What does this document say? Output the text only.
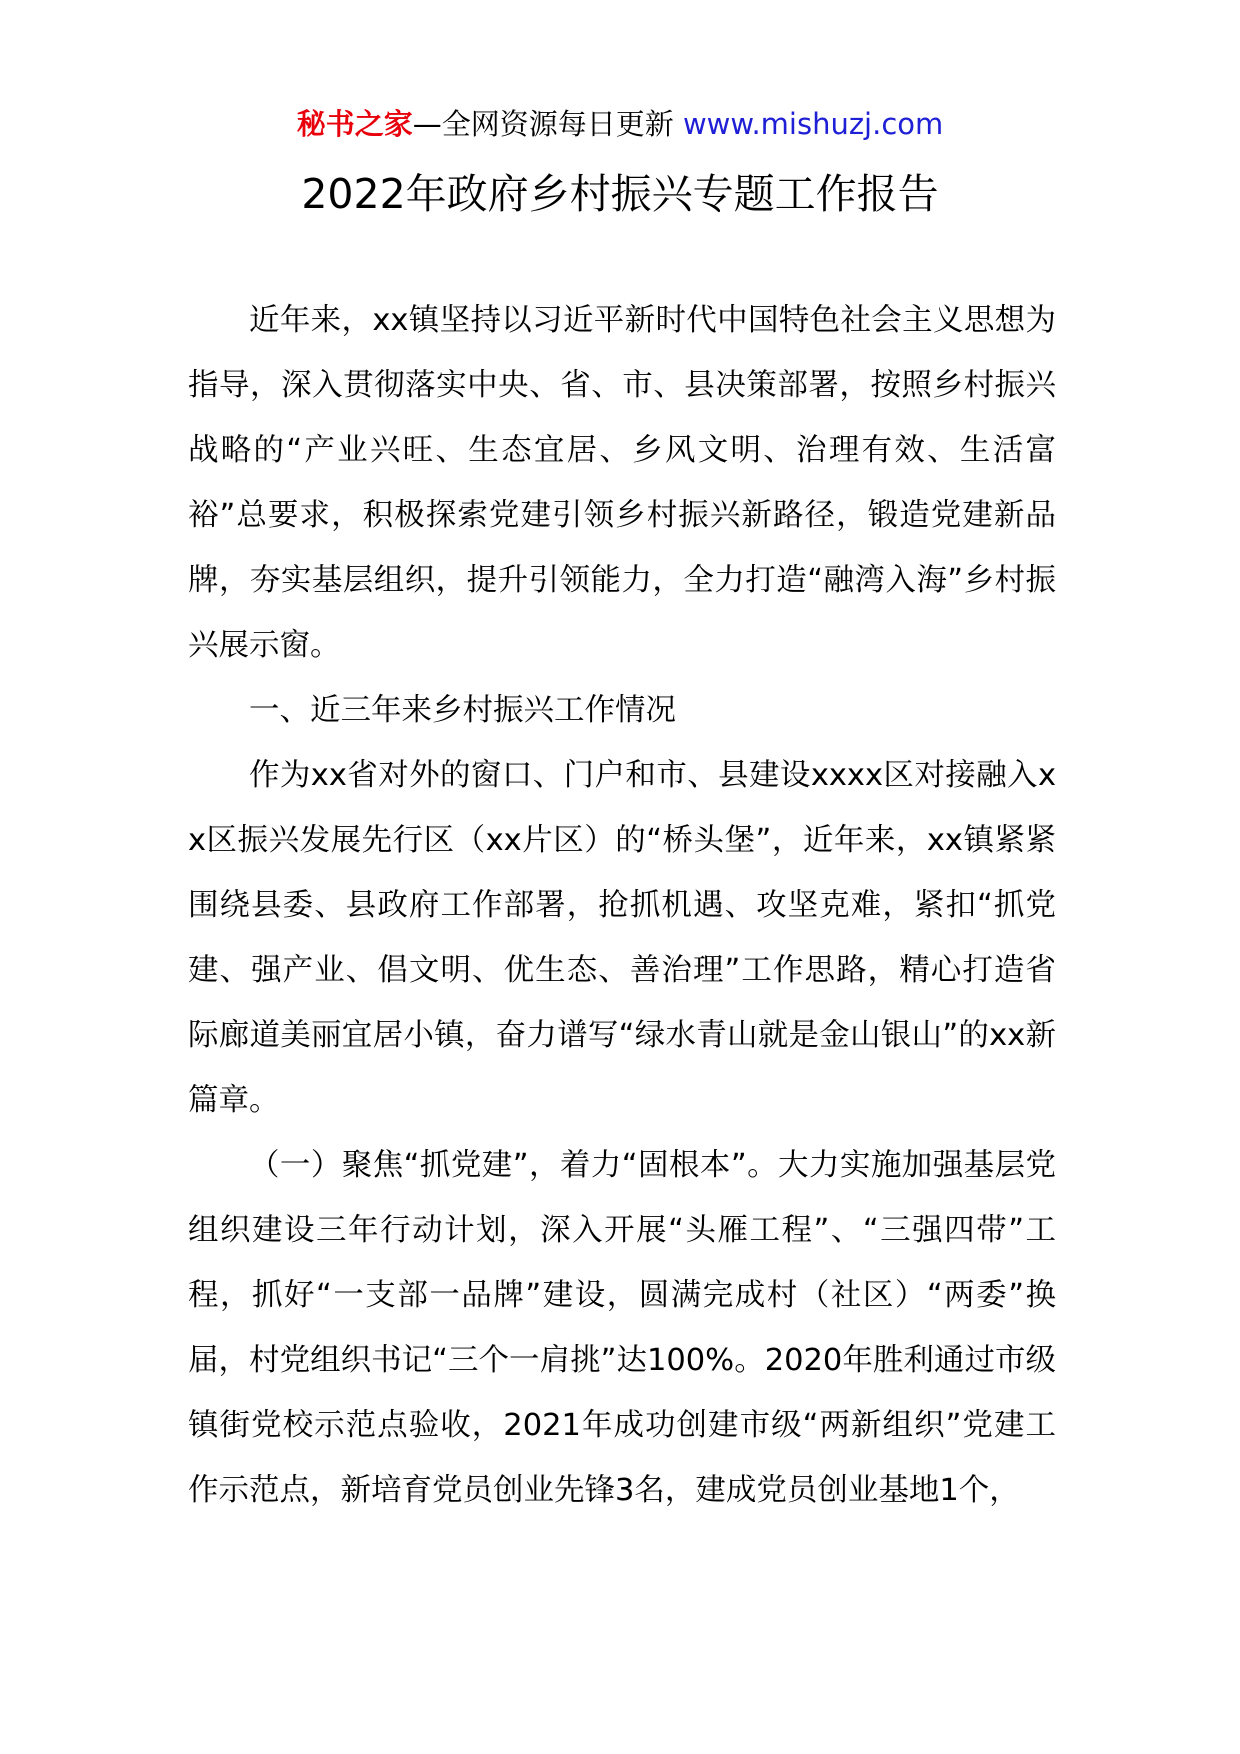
秘书之家—全网资源每日更新 www.mishuzj.com
2022年政府乡村振兴专题工作报告

近年来，xx镇坚持以习近平新时代中国特色社会主义思想为指导，深入贯彻落实中央、省、市、县决策部署，按照乡村振兴战略的“产业兴旺、生态宜居、乡风文明、治理有效、生活富裕”总要求，积极探索党建引领乡村振兴新路径，锻造党建新品牌，夯实基层组织，提升引领能力，全力打造“融湾入海”乡村振兴展示窗。

一、近三年来乡村振兴工作情况

作为xx省对外的窗口、门户和市、县建设xxxx区对接融入xx区振兴发展先行区（xx片区）的“桥头堡”，近年来，xx镇紧紧围绕县委、县政府工作部署，抢抓机遇、攻坚克难，紧扣“抓党建、强产业、倡文明、优生态、善治理”工作思路，精心打造省际廊道美丽宜居小镇，奋力谱写“绿水青山就是金山银山”的xx新篇章。

（一）聚焦“抓党建”，着力“固根本”。大力实施加强基层党组织建设三年行动计划，深入开展“头雁工程”、“三强四带”工程，抓好“一支部一品牌”建设，圆满完成村（社区）“两委”换届，村党组织书记“三个一肩挑”达100%。2020年胜利通过市级镇街党校示范点验收，2021年成功创建市级“两新组织”党建工作示范点，新培育党员创业先锋3名，建成党员创业基地1个，
